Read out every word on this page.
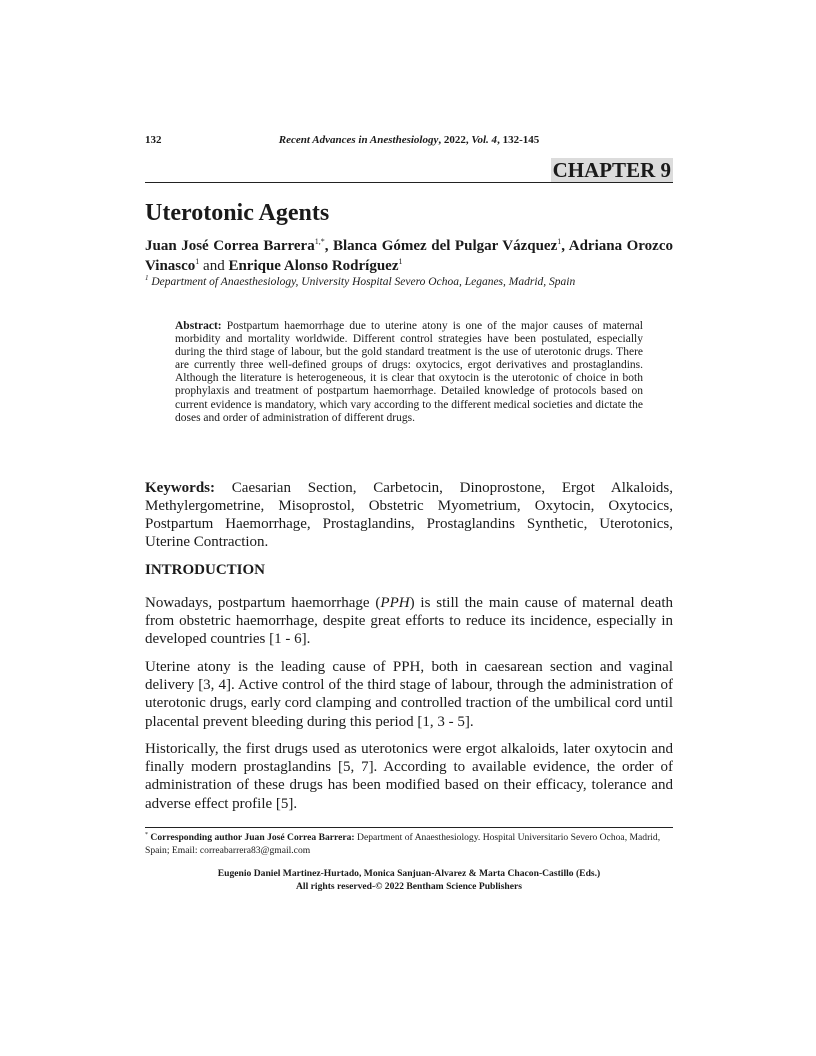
132	Recent Advances in Anesthesiology, 2022, Vol. 4, 132-145
CHAPTER 9
Uterotonic Agents
Juan José Correa Barrera$^{1,*}$, Blanca Gómez del Pulgar Vázquez$^1$, Adriana Orozco Vinasco$^1$ and Enrique Alonso Rodríguez$^1$
$^1$ Department of Anaesthesiology, University Hospital Severo Ochoa, Leganes, Madrid, Spain
Abstract: Postpartum haemorrhage due to uterine atony is one of the major causes of maternal morbidity and mortality worldwide. Different control strategies have been postulated, especially during the third stage of labour, but the gold standard treatment is the use of uterotonic drugs. There are currently three well-defined groups of drugs: oxytocics, ergot derivatives and prostaglandins. Although the literature is heterogeneous, it is clear that oxytocin is the uterotonic of choice in both prophylaxis and treatment of postpartum haemorrhage. Detailed knowledge of protocols based on current evidence is mandatory, which vary according to the different medical societies and dictate the doses and order of administration of different drugs.
Keywords: Caesarian Section, Carbetocin, Dinoprostone, Ergot Alkaloids, Methylergometrine, Misoprostol, Obstetric Myometrium, Oxytocin, Oxytocics, Postpartum Haemorrhage, Prostaglandins, Prostaglandins Synthetic, Uterotonics, Uterine Contraction.
INTRODUCTION

Nowadays, postpartum haemorrhage (PPH) is still the main cause of maternal death from obstetric haemorrhage, despite great efforts to reduce its incidence, especially in developed countries [1 - 6].

Uterine atony is the leading cause of PPH, both in caesarean section and vaginal delivery [3, 4]. Active control of the third stage of labour, through the administration of uterotonic drugs, early cord clamping and controlled traction of the umbilical cord until placental prevent bleeding during this period [1, 3 - 5].

Historically, the first drugs used as uterotonics were ergot alkaloids, later oxytocin and finally modern prostaglandins [5, 7]. According to available evidence, the order of administration of these drugs has been modified based on their efficacy, tolerance and adverse effect profile [5].

* Corresponding author Juan José Correa Barrera: Department of Anaesthesiology. Hospital Universitario Severo Ochoa, Madrid, Spain; Email: correabarrera83@gmail.com
Eugenio Daniel Martinez-Hurtado, Monica Sanjuan-Alvarez & Marta Chacon-Castillo (Eds.)
All rights reserved-© 2022 Bentham Science Publishers
